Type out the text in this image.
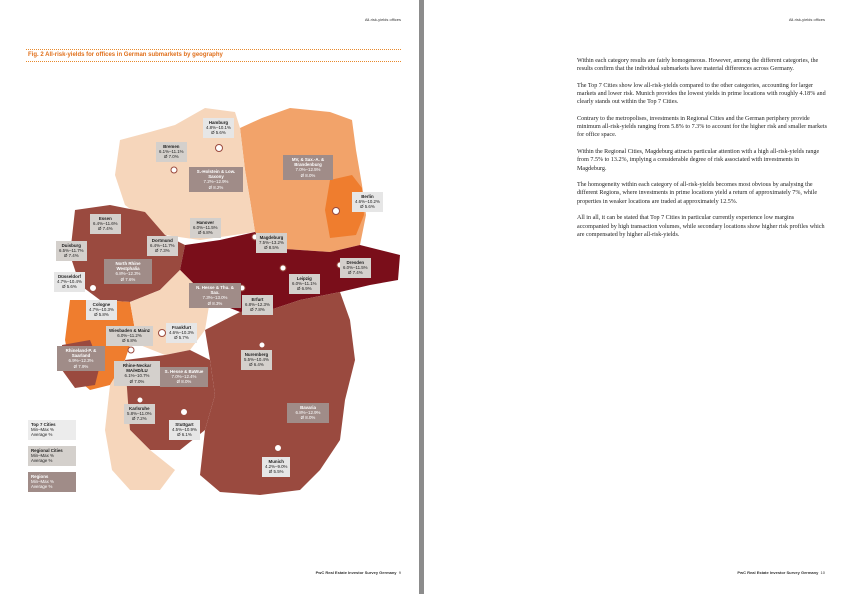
All-risk-yields offices
Fig. 2 All-risk-yields for offices in German submarkets by geography
Hamburg
4.8%–10.1%
Ø 5.6%
Bremen
6.1%–11.1%
Ø 7.0%
S.-Holstein & Low. Saxony
7.2%–12.9%
Ø 8.2%
MV, & Sax.-A. & Brandenburg
7.0%–12.5%
Ø 8.0%
Berlin
4.6%–10.2%
Ø 5.6%
Hanover
6.0%–11.5%
Ø 6.8%
Essen
6.4%–11.6%
Ø 7.4%
Dortmund
6.4%–11.7%
Ø 7.3%
Duisburg
6.5%–11.7%
Ø 7.4%
North Rhine Westphalia
6.8%–12.3%
Ø 7.6%
Magdeburg
7.5%–13.2%
Ø 8.5%
Dresden
6.0%–11.5%
Ø 7.4%
Düsseldorf
4.7%–10.4%
Ø 5.6%
Leipzig
6.0%–11.1%
Ø 6.9%
N. Hesse & Thu. & Sax.
7.3%–13.0%
Ø 8.3%
Erfurt
6.8%–12.3%
Ø 7.8%
Cologne
4.7%–10.3%
Ø 5.8%
Wiesbaden & Mainz
6.0%–11.2%
Ø 6.8%
Frankfurt
4.6%–10.3%
Ø 5.7%
Rhineland-P. & Saarland
6.9%–12.3%
Ø 7.9%	Rhine-Neckar MA/HD/LU
6.1%–10.7%
Ø 7.0%
Nuremberg
5.5%–10.4%
Ø 6.4%
S. Hesse & BaWue
7.0%–12.4%
Ø 8.0%
Karlsruhe
5.8%–11.0%
Ø 7.2%
Bavaria
6.8%–12.9%
Ø 8.0%
Stuttgart
4.5%–10.9%
Ø 6.1%
Munich
4.2%–9.0%
Ø 5.5%
Top 7 Cities
Min–Max %
Average %
Regional Cities
Min–Max %
Average %
Regions
Min–Max %
Average %
PwC Real Estate Investor Survey Germany 9
All-risk-yields offices

Within each category results are fairly homogeneous. However, among the different categories, the results confirm that the individual submarkets have material differences across Germany.

The Top 7 Cities show low all-risk-yields compared to the other categories, accounting for larger markets and lower risk. Munich provides the lowest yields in prime locations with roughly 4.18% and clearly stands out within the Top 7 Cities.

Contrary to the metropolises, investments in Regional Cities and the German periphery provide minimum all-risk-yields ranging from 5.8% to 7.3% to account for the higher risk and smaller markets for office space.

Within the Regional Cities, Magdeburg attracts particular attention with a high all-risk-yields range from 7.5% to 13.2%, implying a considerable degree of risk associated with investments in Magdeburg.

The homogeneity within each category of all-risk-yields becomes most obvious by analysing the different Regions, where investments in prime locations yield a return of approximately 7%, while properties in weaker locations are traded at approximately 12.5%.

All in all, it can be stated that Top 7 Cities in particular currently experience low margins accompanied by high transaction volumes, while secondary locations show higher risk profiles which are compensated by higher all-risk-yields.

PwC Real Estate Investor Survey Germany 10
